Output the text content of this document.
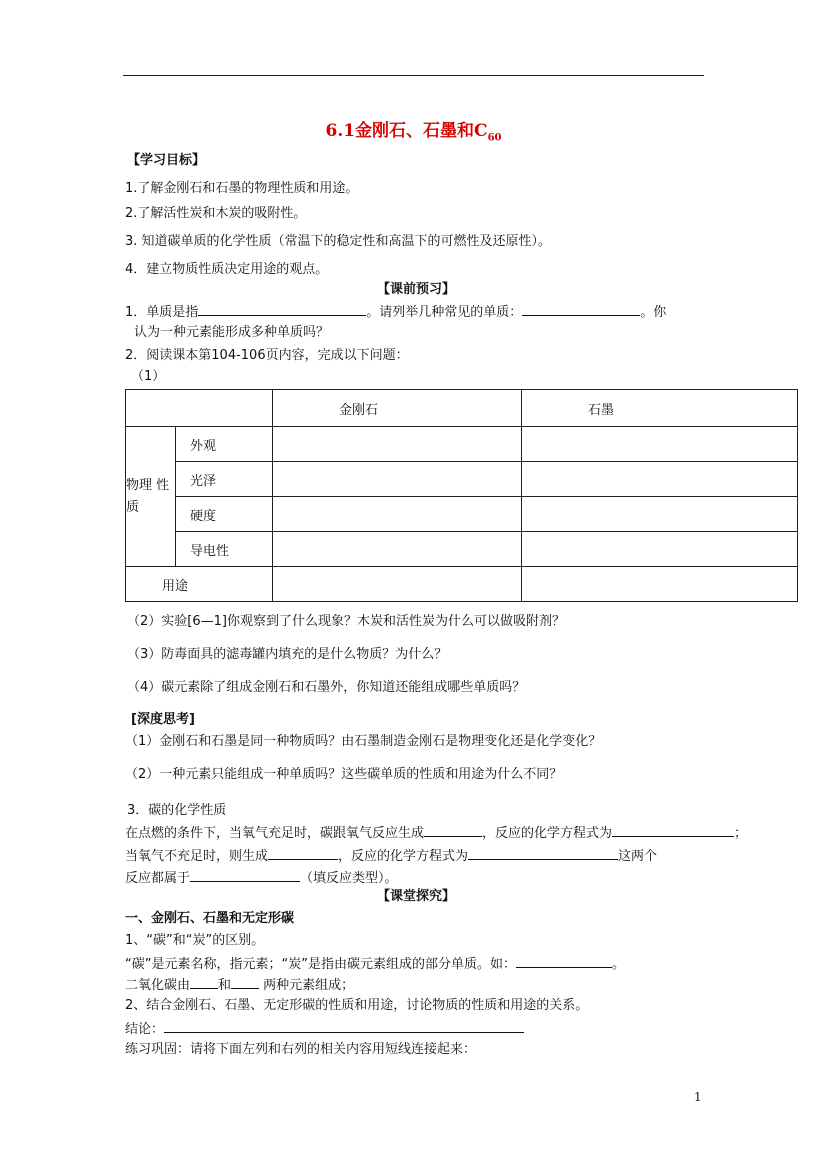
6.1金刚石、石墨和$C_{60}$
【学习目标】
1.了解金刚石和石墨的物理性质和用途。
2.了解活性炭和木炭的吸附性。
3. 知道碳单质的化学性质（常温下的稳定性和高温下的可燃性及还原性）。
4．建立物质性质决定用途的观点。
【课前预习】
1．单质是指	。请列举几种常见的单质：	。你
认为一种元素能形成多种单质吗？
2．阅读课本第104-106页内容，完成以下问题：
（1）
		金刚石	石墨
物理 性质	外观		
	光泽		
	硬度		
	导电性		
用途			
（2）实验[6—1]你观察到了什么现象？木炭和活性炭为什么可以做吸附剂？
（3）防毒面具的滤毒罐内填充的是什么物质？为什么？
（4）碳元素除了组成金刚石和石墨外，你知道还能组成哪些单质吗？
[深度思考]
（1）金刚石和石墨是同一种物质吗？由石墨制造金刚石是物理变化还是化学变化？
（2）一种元素只能组成一种单质吗？这些碳单质的性质和用途为什么不同？
3．碳的化学性质
在点燃的条件下，当氧气充足时，碳跟氧气反应生成	，反应的化学方程式为	；
当氧气不充足时，则生成	，反应的化学方程式为	这两个
反应都属于	（填反应类型）。
【课堂探究】
一、金刚石、石墨和无定形碳
1、“碳”和“炭”的区别。
“碳”是元素名称，指元素；“炭”是指由碳元素组成的部分单质。如：	。
二氧化碳由 和 两种元素组成；
2、结合金刚石、石墨、无定形碳的性质和用途，讨论物质的性质和用途的关系。
结论：
练习巩固：请将下面左列和右列的相关内容用短线连接起来：
1
